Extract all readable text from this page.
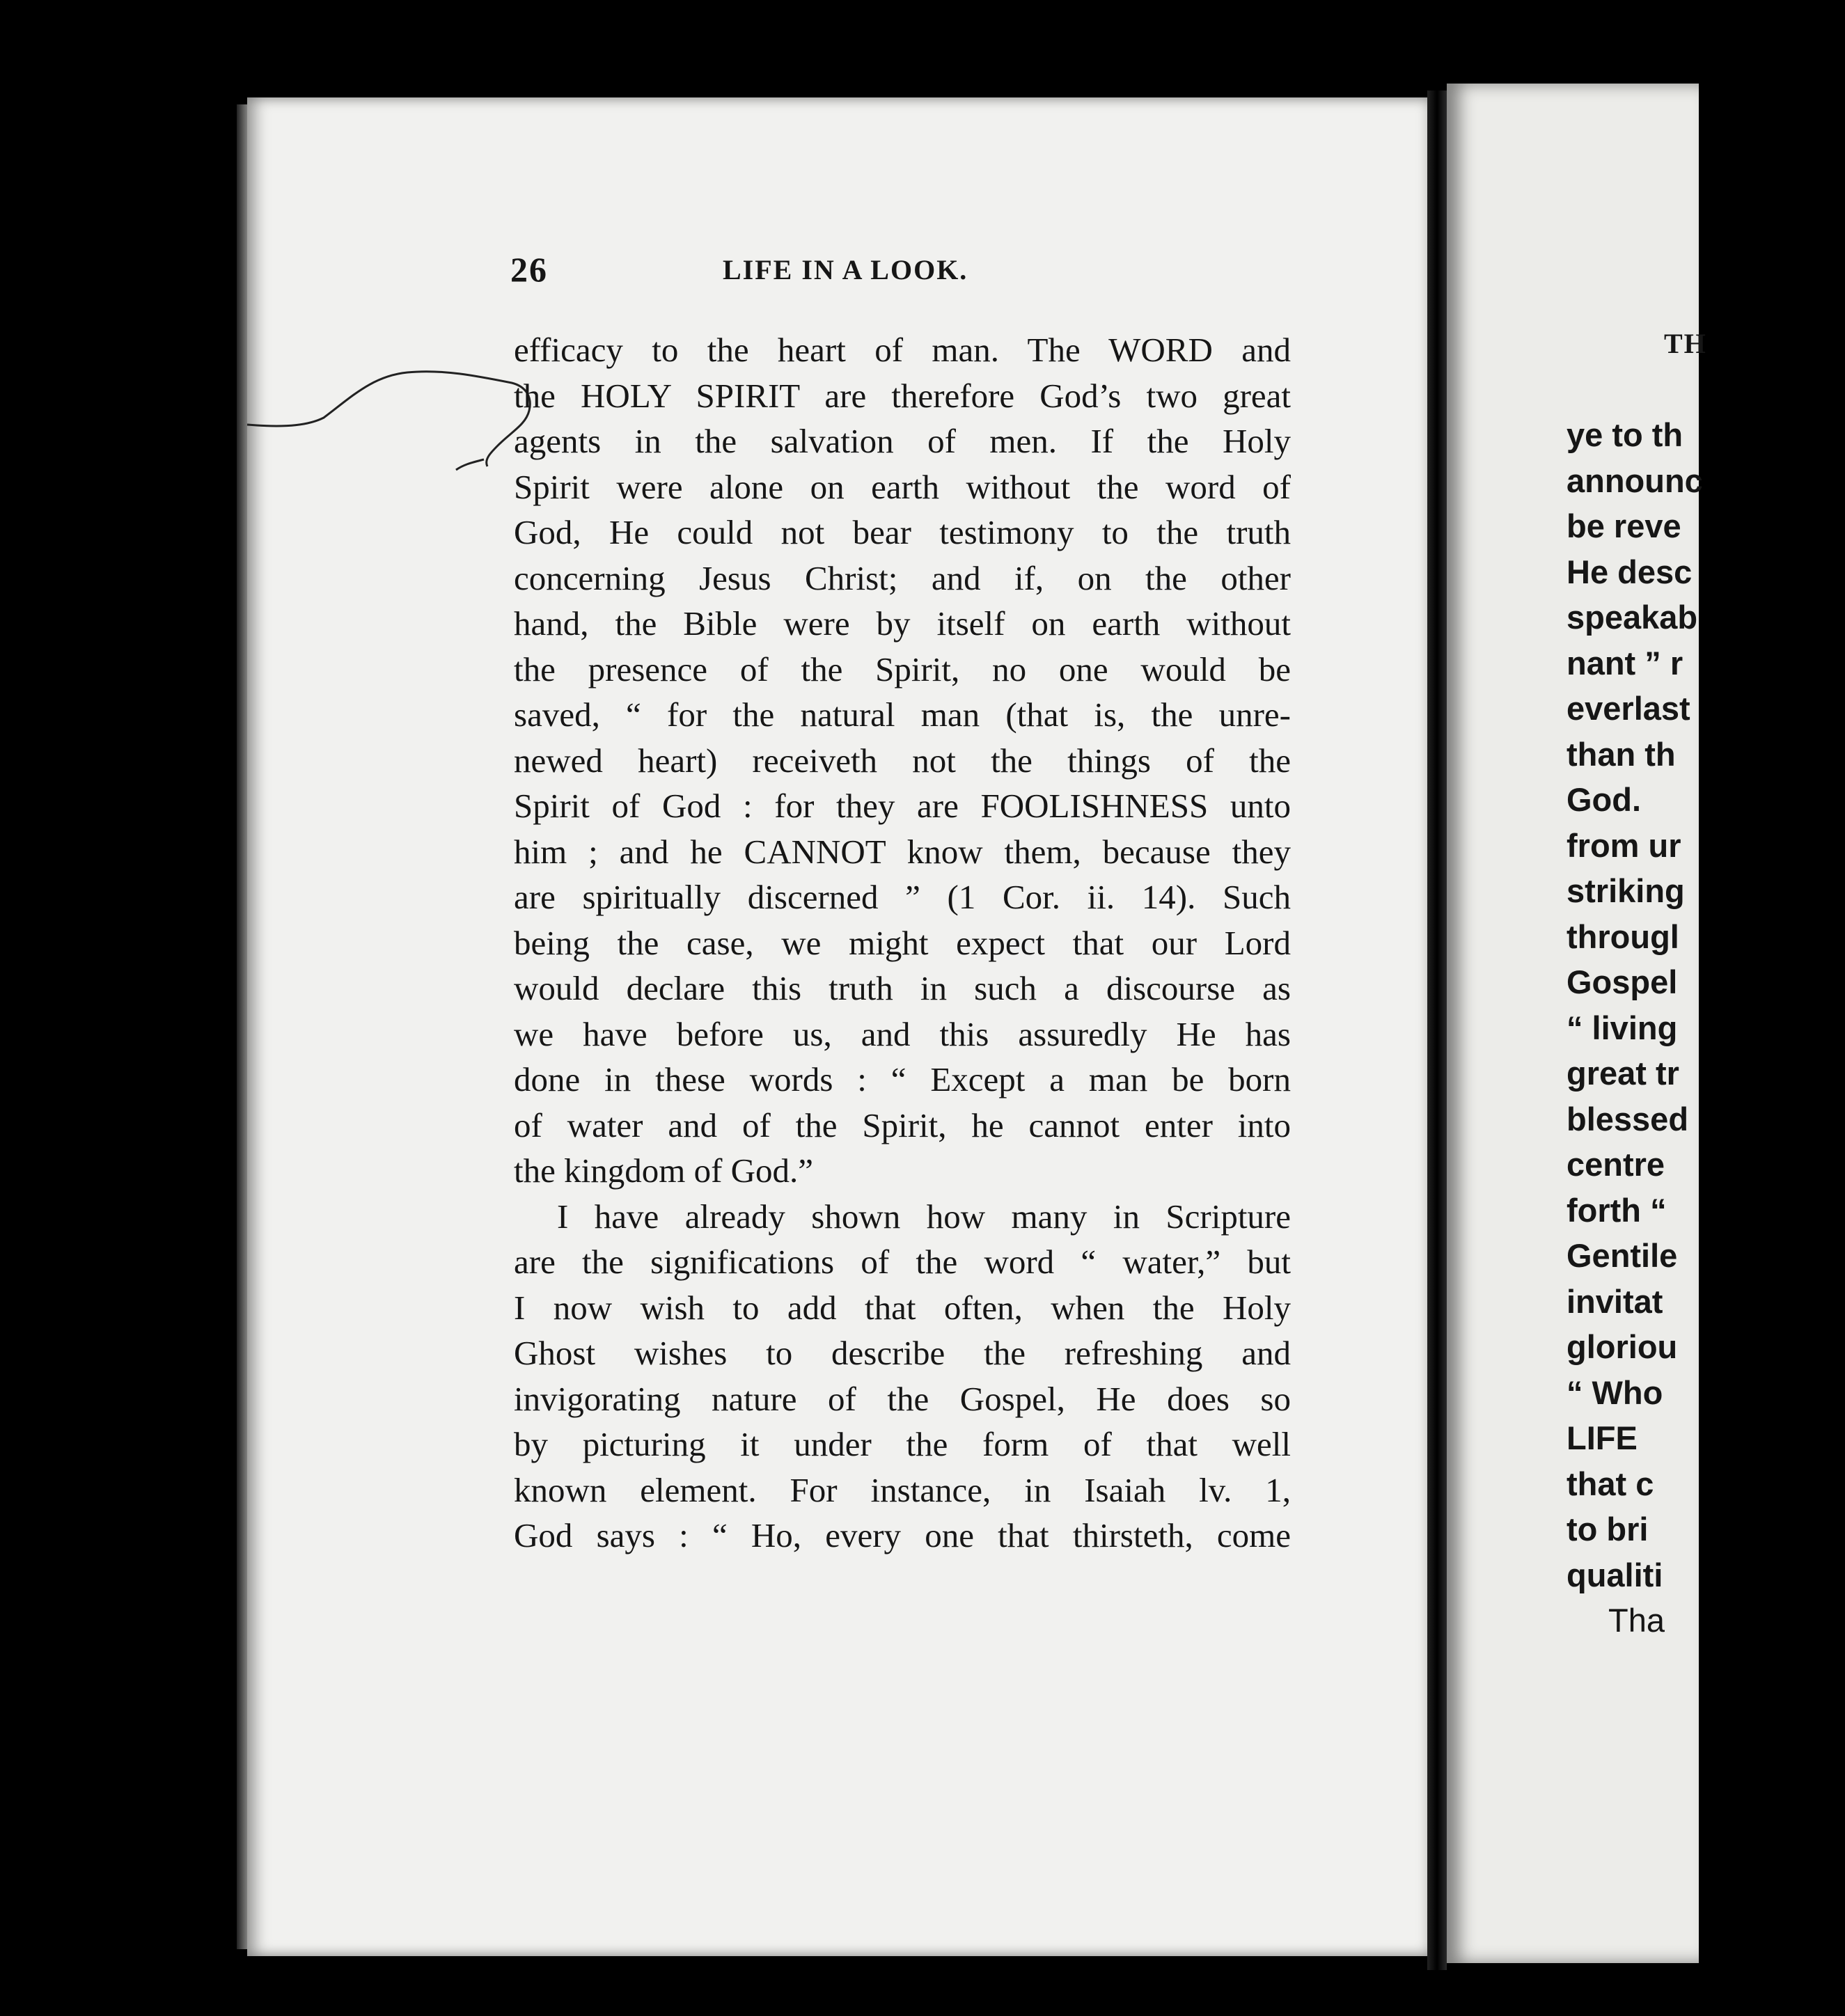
26	LIFE IN A LOOK.
efficacy to the heart of man. The WORD and
the HOLY SPIRIT are therefore God’s two great
agents in the salvation of men. If the Holy
Spirit were alone on earth without the word of
God, He could not bear testimony to the truth
concerning Jesus Christ; and if, on the other
hand, the Bible were by itself on earth without
the presence of the Spirit, no one would be
saved, “ for the natural man (that is, the unre-
newed heart) receiveth not the things of the
Spirit of God : for they are FOOLISHNESS unto
him ; and he CANNOT know them, because they
are spiritually discerned ” (1 Cor. ii. 14). Such
being the case, we might expect that our Lord
would declare this truth in such a discourse as
we have before us, and this assuredly He has
done in these words : “ Except a man be born
of water and of the Spirit, he cannot enter into
the kingdom of God.”
I have already shown how many in Scripture
are the significations of the word “ water,” but
I now wish to add that often, when the Holy
Ghost wishes to describe the refreshing and
invigorating nature of the Gospel, He does so
by picturing it under the form of that well
known element. For instance, in Isaiah lv. 1,
God says : “ Ho, every one that thirsteth, come
TH
ye to th
announc
be reve
He desc
speakab
nant ” r
everlast
than th
God.
from ur
striking
througl
Gospel
“ living
great tr
blessed
centre
forth “
Gentile
invitat
gloriou
“ Who
LIFE
that c
to bri
qualiti
Tha
